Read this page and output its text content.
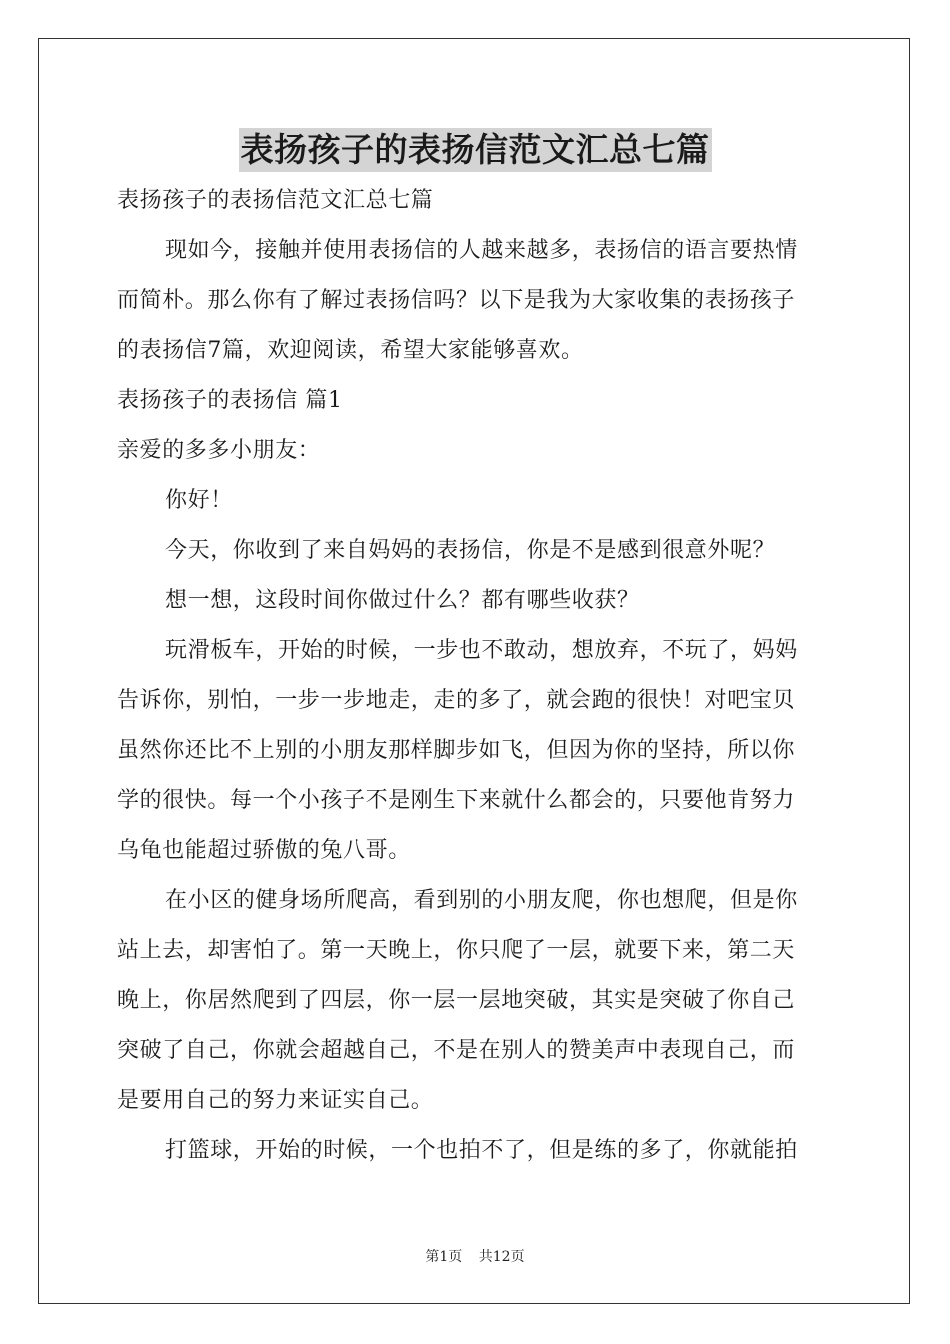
表扬孩子的表扬信范文汇总七篇
表扬孩子的表扬信范文汇总七篇
现如今，接触并使用表扬信的人越来越多，表扬信的语言要热情
而简朴。那么你有了解过表扬信吗？以下是我为大家收集的表扬孩子
的表扬信7篇，欢迎阅读，希望大家能够喜欢。
表扬孩子的表扬信 篇1
亲爱的多多小朋友：
你好！
今天，你收到了来自妈妈的表扬信，你是不是感到很意外呢？
想一想，这段时间你做过什么？都有哪些收获？
玩滑板车，开始的时候，一步也不敢动，想放弃，不玩了，妈妈
告诉你，别怕，一步一步地走，走的多了，就会跑的很快！对吧宝贝
虽然你还比不上别的小朋友那样脚步如飞，但因为你的坚持，所以你
学的很快。每一个小孩子不是刚生下来就什么都会的，只要他肯努力
乌龟也能超过骄傲的兔八哥。
在小区的健身场所爬高，看到别的小朋友爬，你也想爬，但是你
站上去，却害怕了。第一天晚上，你只爬了一层，就要下来，第二天
晚上，你居然爬到了四层，你一层一层地突破，其实是突破了你自己
突破了自己，你就会超越自己，不是在别人的赞美声中表现自己，而
是要用自己的努力来证实自己。
打篮球，开始的时候，一个也拍不了，但是练的多了，你就能拍
第1页 共12页
